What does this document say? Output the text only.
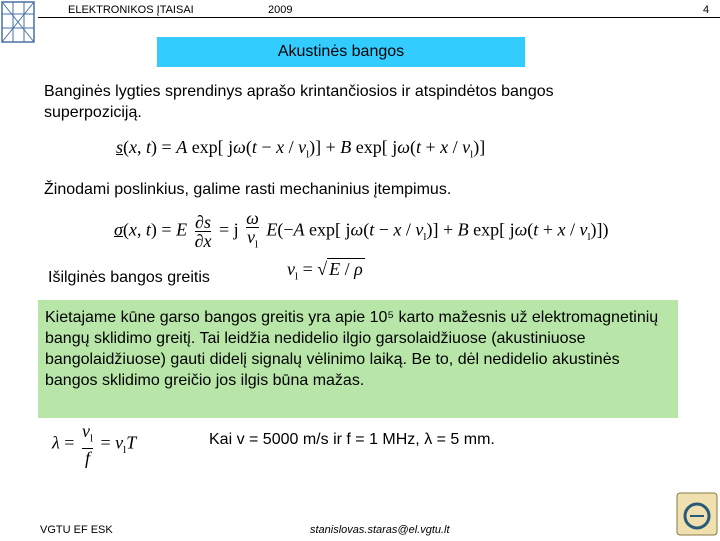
ELEKTRONIKOS ĮTAISAI	2009	4
Akustinės bangos
Banginės lygties sprendinys aprašo krintančiosios ir atspindėtos bangos superpoziciją.
s(x, t) = A exp[ $j\omega(t - x / v_l)] + B$ exp[ $j\omega(t + x / v_l)$]
Žinodami poslinkius, galime rasti mechaninius įtempimus.
σ(x, t) = E $\frac{\partial s}{\partial x} = j \frac{\omega}{v_l} E(-A$ exp[ $j\omega(t - x / v_l)] + B$ exp[ $j\omega(t + x / v_l)$])
Išilginės bangos greitis	$v_l$ = √ E / ρ
Kietajame kūne garso bangos greitis yra apie 10⁵ karto mažesnis už elektromagnetinių bangų sklidimo greitį. Tai leidžia nedidelio ilgio garsolaidžiuose (akustiniuose bangolaidžiuose) gauti didelį signalų vėlinimo laiką. Be to, dėl nedidelio akustinės bangos sklidimo greičio jos ilgis būna mažas.
$\lambda = \frac{v_l}{f} = v_lT$	Kai v = 5000 m/s ir f = 1 MHz, λ = 5 mm.
VGTU EF ESK	stanislovas.staras@el.vgtu.lt
